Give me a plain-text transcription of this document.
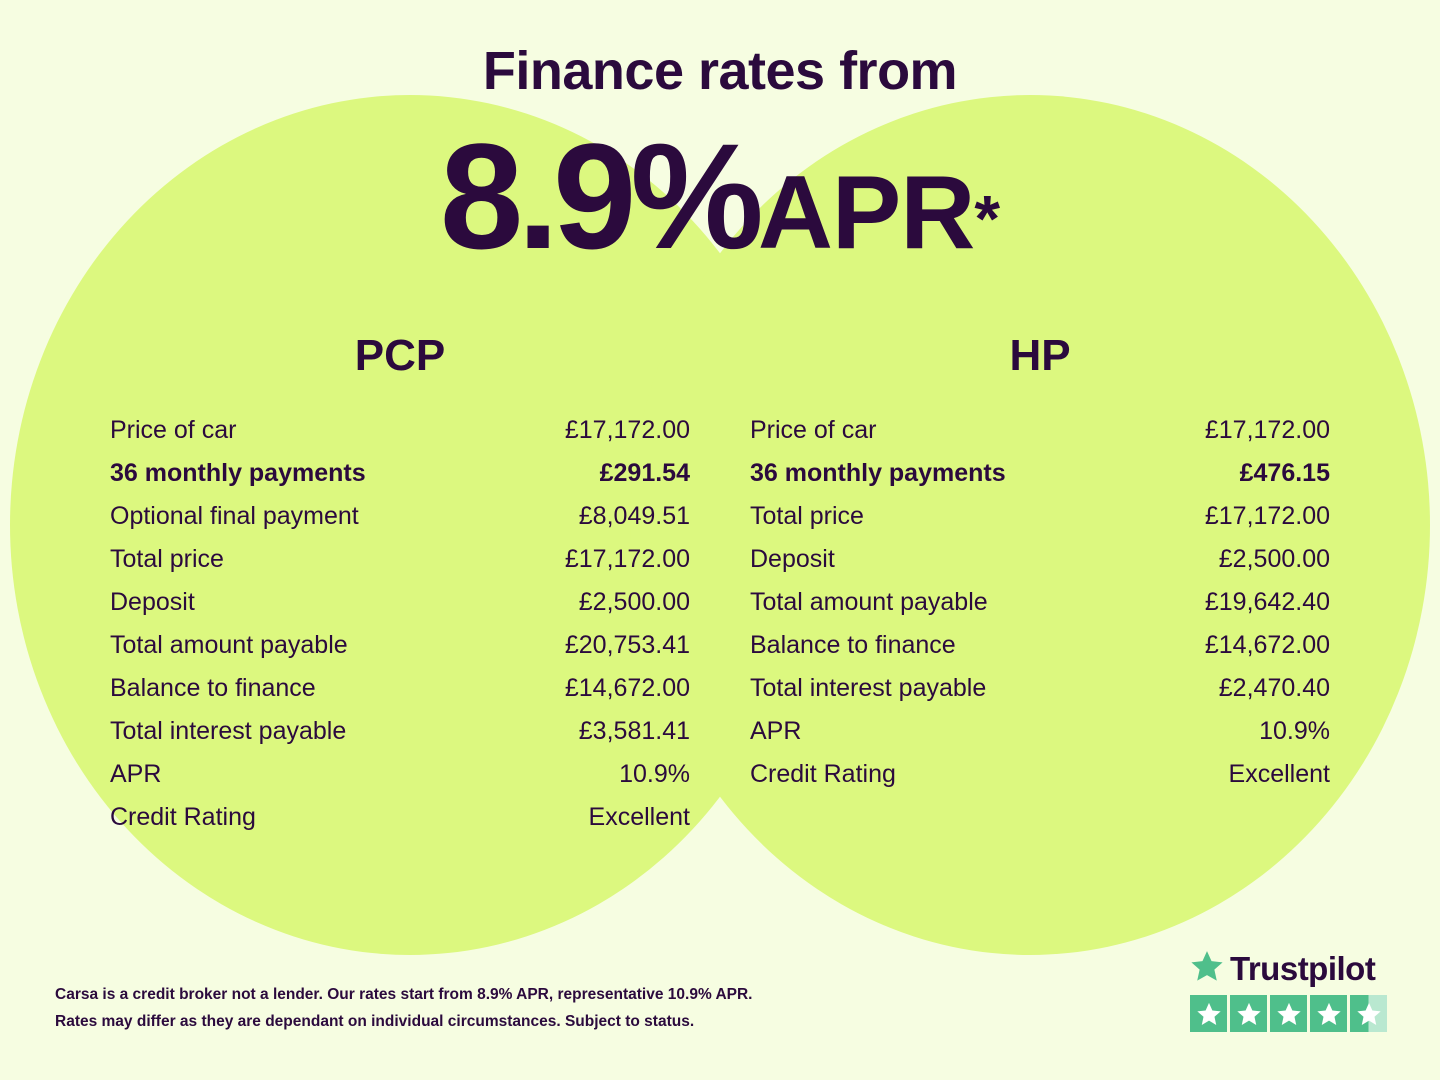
Finance rates from
8.9%APR*
PCP
Price of car	£17,172.00
36 monthly payments	£291.54
Optional final payment	£8,049.51
Total price	£17,172.00
Deposit	£2,500.00
Total amount payable	£20,753.41
Balance to finance	£14,672.00
Total interest payable	£3,581.41
APR	10.9%
Credit Rating	Excellent
HP
Price of car	£17,172.00
36 monthly payments	£476.15
Total price	£17,172.00
Deposit	£2,500.00
Total amount payable	£19,642.40
Balance to finance	£14,672.00
Total interest payable	£2,470.40
APR	10.9%
Credit Rating	Excellent
Carsa is a credit broker not a lender. Our rates start from 8.9% APR, representative 10.9% APR.
Rates may differ as they are dependant on individual circumstances. Subject to status.
Trustpilot
